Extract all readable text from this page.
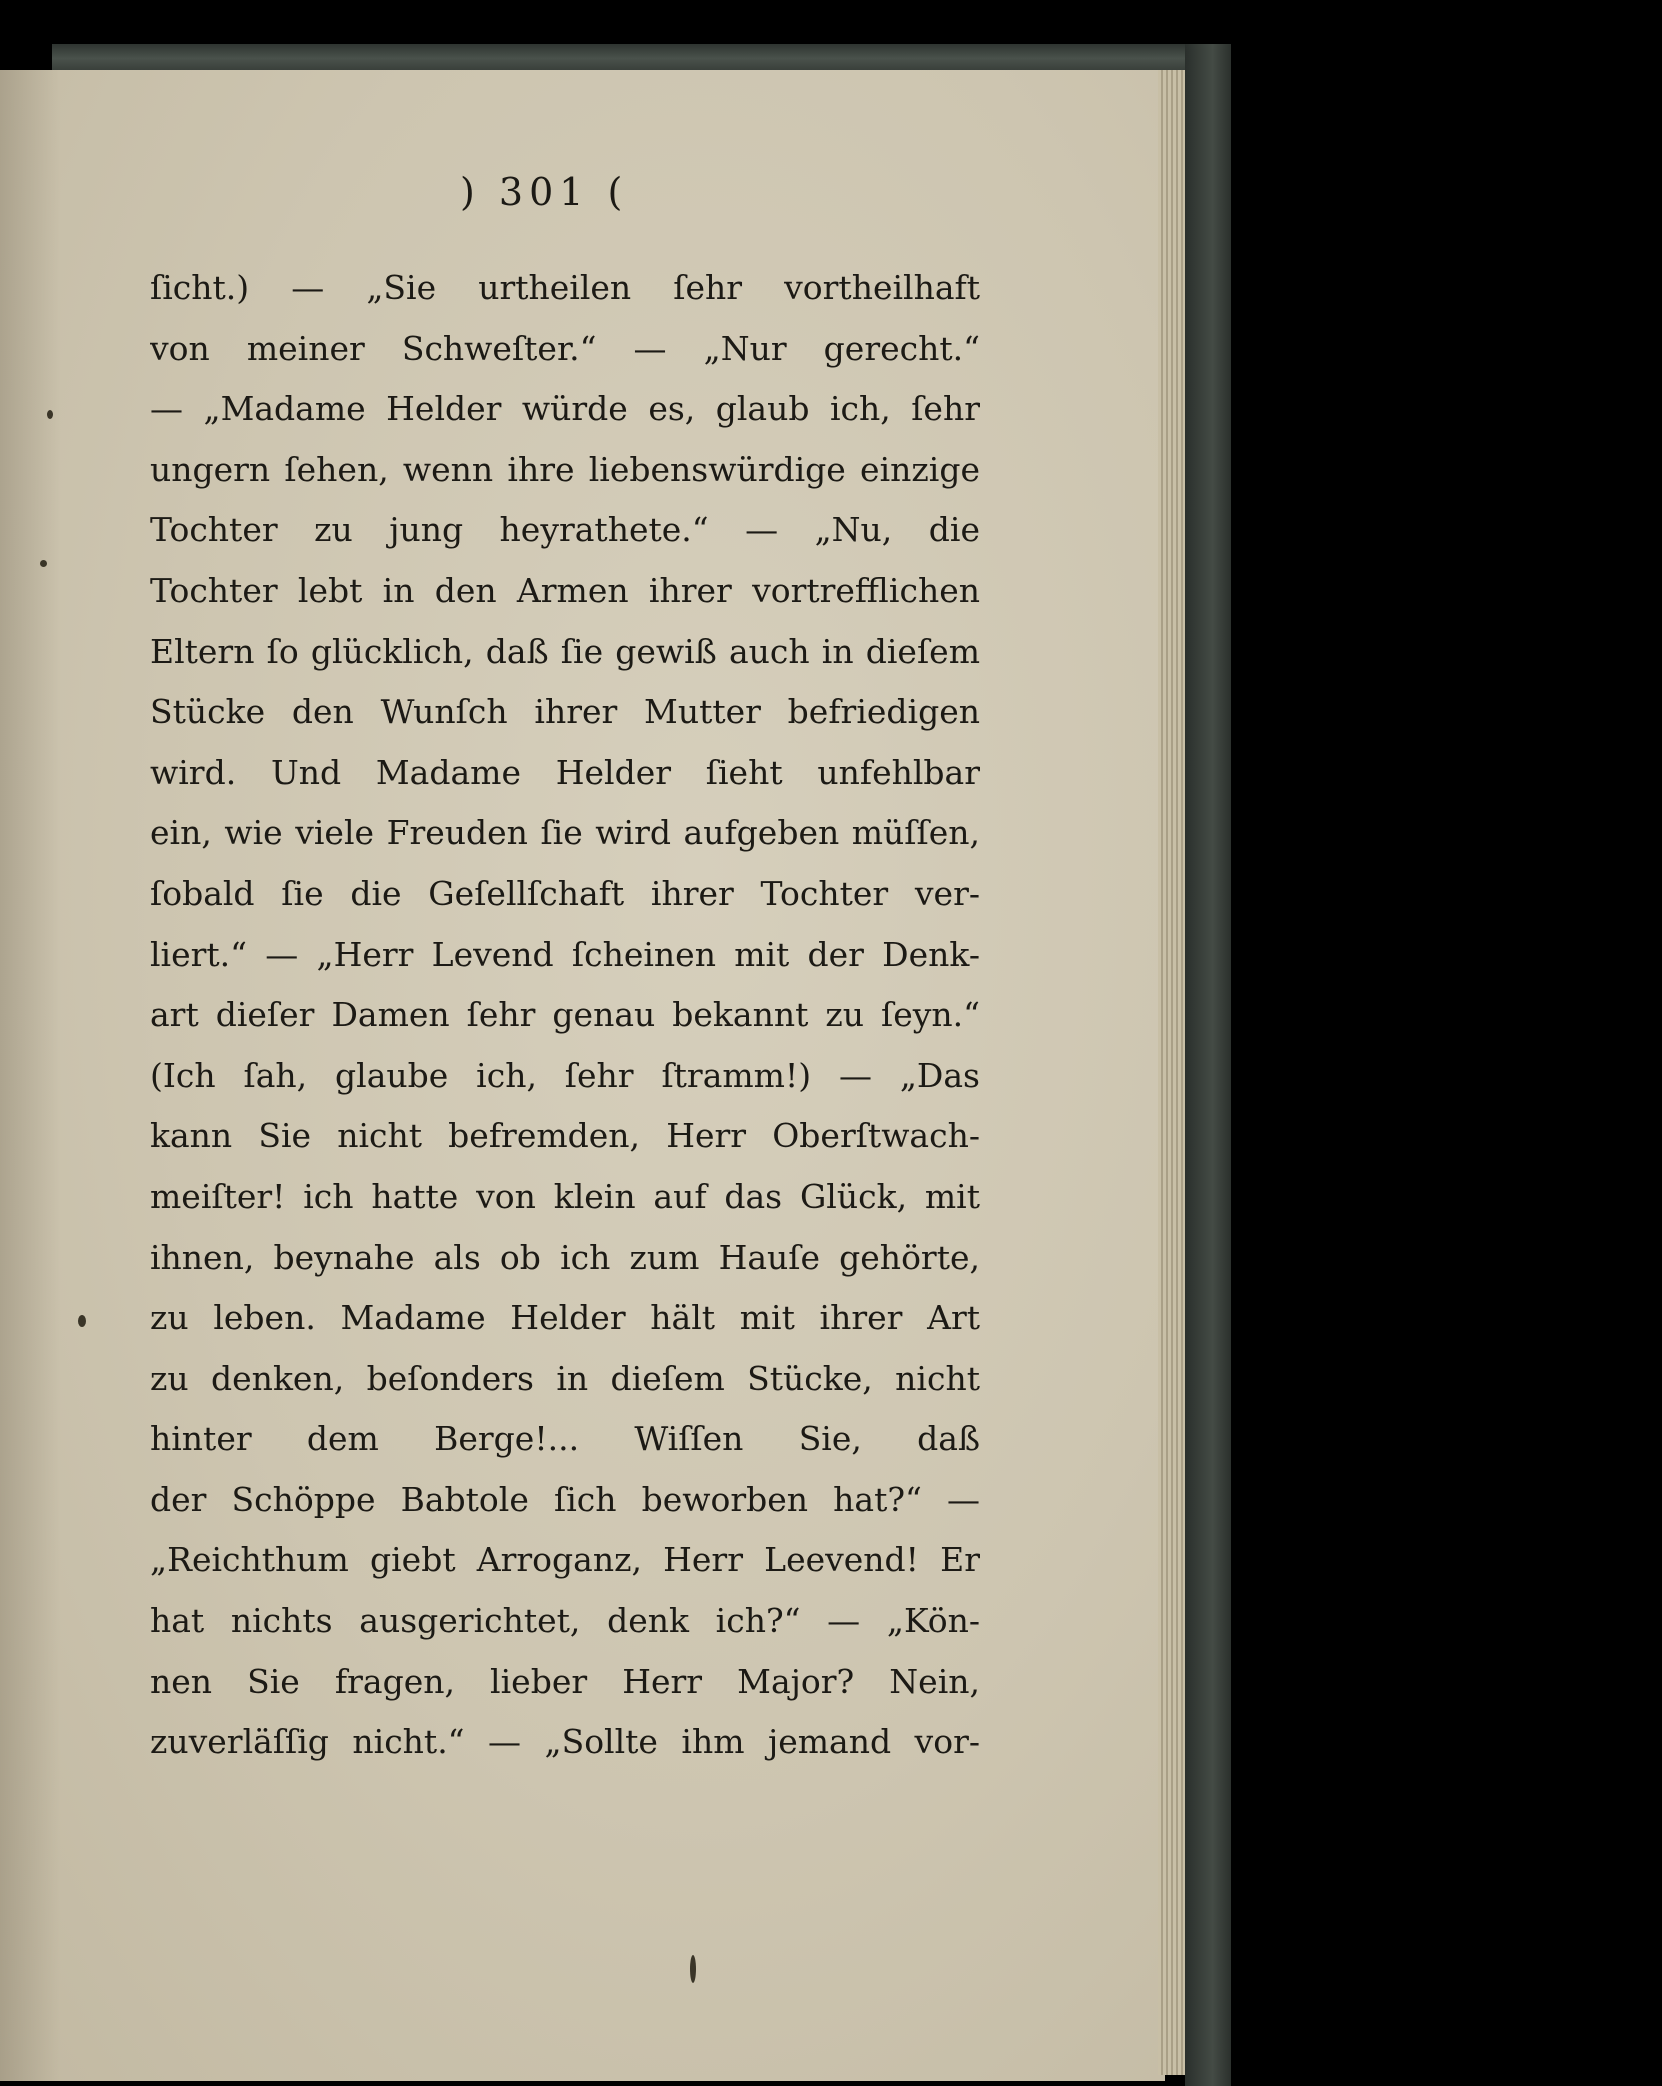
) 301 (
ſicht.) — „Sie urtheilen ſehr vortheilhaft
von meiner Schweſter.“ — „Nur gerecht.“
— „Madame Helder würde es, glaub ich, ſehr
ungern ſehen, wenn ihre liebenswürdige einzige
Tochter zu jung heyrathete.“ — „Nu, die
Tochter lebt in den Armen ihrer vortrefflichen
Eltern ſo glücklich, daß ſie gewiß auch in dieſem
Stücke den Wunſch ihrer Mutter befriedigen
wird. Und Madame Helder ſieht unfehlbar
ein, wie viele Freuden ſie wird aufgeben müſſen,
ſobald ſie die Geſellſchaft ihrer Tochter ver-
liert.“ — „Herr Levend ſcheinen mit der Denk-
art dieſer Damen ſehr genau bekannt zu ſeyn.“
(Ich ſah, glaube ich, ſehr ſtramm!) — „Das
kann Sie nicht befremden, Herr Oberſtwach-
meiſter! ich hatte von klein auf das Glück, mit
ihnen, beynahe als ob ich zum Hauſe gehörte,
zu leben. Madame Helder hält mit ihrer Art
zu denken, beſonders in dieſem Stücke, nicht
hinter dem Berge!... Wiſſen Sie, daß
der Schöppe Babtole ſich beworben hat?“ —
„Reichthum giebt Arroganz, Herr Leevend! Er
hat nichts ausgerichtet, denk ich?“ — „Kön-
nen Sie fragen, lieber Herr Major? Nein,
zuverläſſig nicht.“ — „Sollte ihm jemand vor-
